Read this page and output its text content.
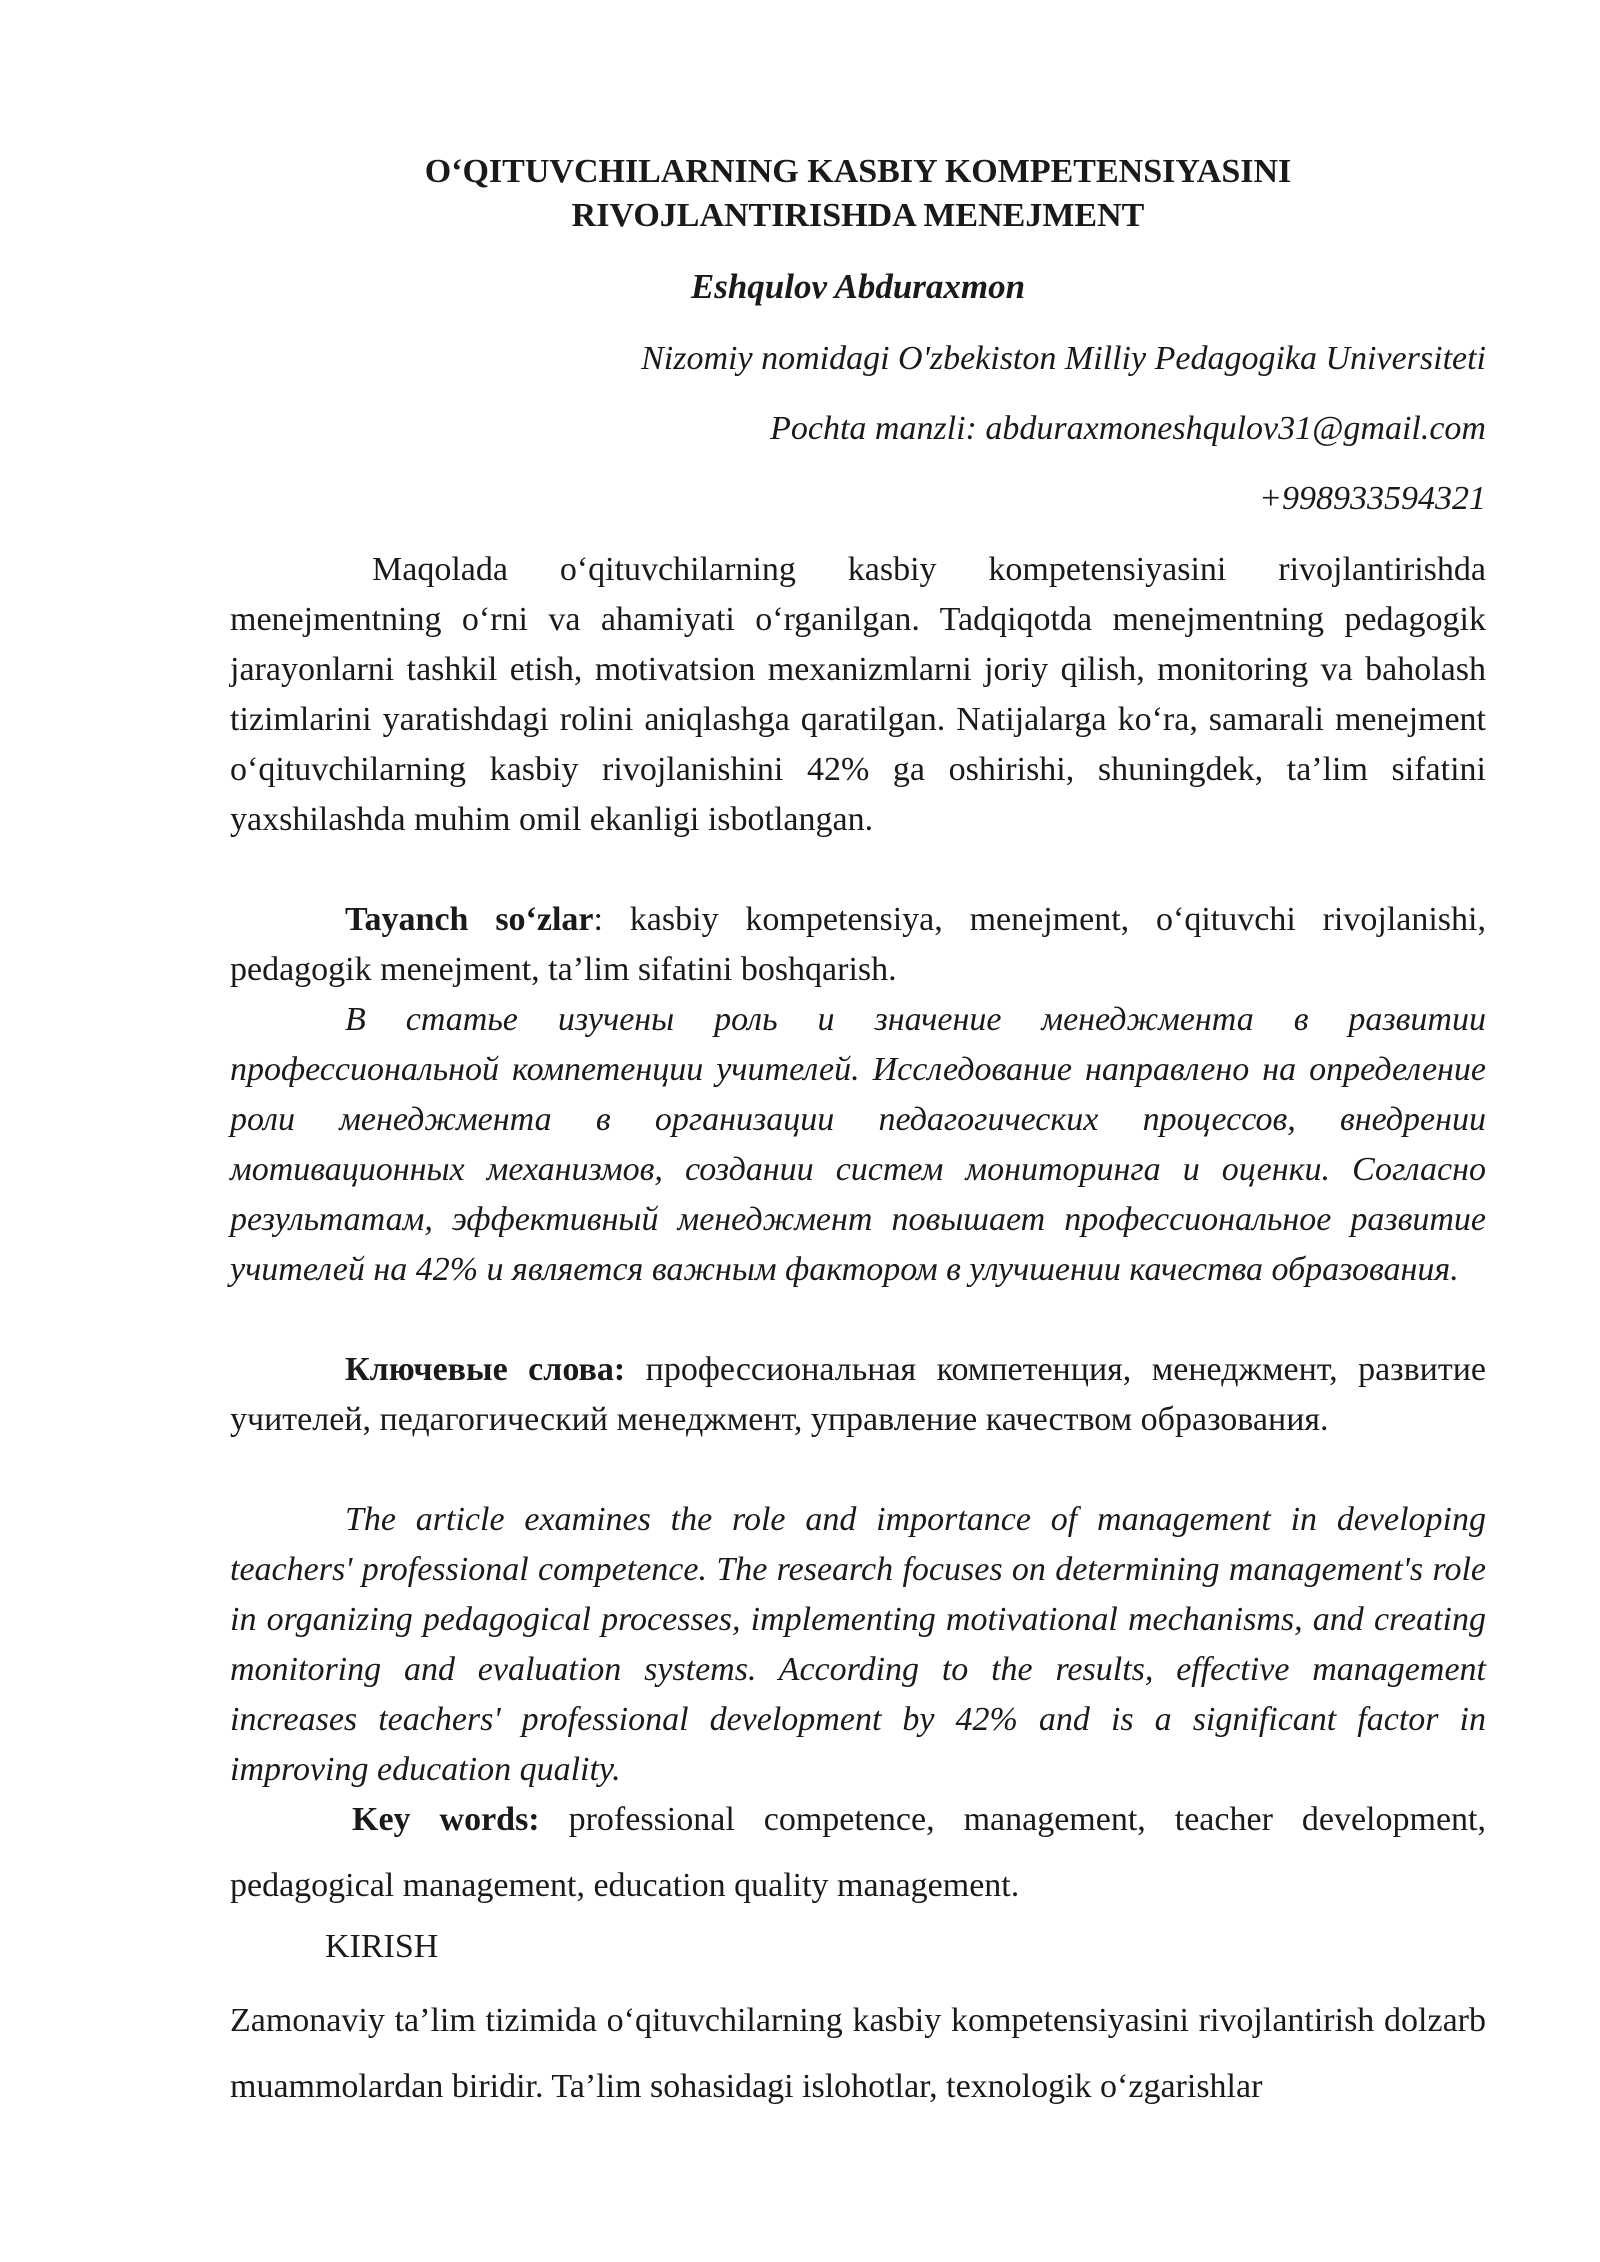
O‘QITUVCHILARNING KASBIY KOMPETENSIYASINI
RIVOJLANTIRISHDA MENEJMENT
Eshqulov Abduraxmon
Nizomiy nomidagi O'zbekiston Milliy Pedagogika Universiteti
Pochta manzli: abduraxmoneshqulov31@gmail.com
+998933594321

Maqolada o‘qituvchilarning kasbiy kompetensiyasini rivojlantirishda menejmentning o‘rni va ahamiyati o‘rganilgan. Tadqiqotda menejmentning pedagogik jarayonlarni tashkil etish, motivatsion mexanizmlarni joriy qilish, monitoring va baholash tizimlarini yaratishdagi rolini aniqlashga qaratilgan. Natijalarga ko‘ra, samarali menejment o‘qituvchilarning kasbiy rivojlanishini 42% ga oshirishi, shuningdek, ta’lim sifatini yaxshilashda muhim omil ekanligi isbotlangan.

Tayanch so‘zlar: kasbiy kompetensiya, menejment, o‘qituvchi rivojlanishi, pedagogik menejment, ta’lim sifatini boshqarish.

В статье изучены роль и значение менеджмента в развитии профессиональной компетенции учителей. Исследование направлено на определение роли менеджмента в организации педагогических процессов, внедрении мотивационных механизмов, создании систем мониторинга и оценки. Согласно результатам, эффективный менеджмент повышает профессиональное развитие учителей на 42% и является важным фактором в улучшении качества образования.

Ключевые слова: профессиональная компетенция, менеджмент, развитие учителей, педагогический менеджмент, управление качеством образования.

The article examines the role and importance of management in developing teachers' professional competence. The research focuses on determining management's role in organizing pedagogical processes, implementing motivational mechanisms, and creating monitoring and evaluation systems. According to the results, effective management increases teachers' professional development by 42% and is a significant factor in improving education quality.

Key words: professional competence, management, teacher development, pedagogical management, education quality management.

KIRISH

Zamonaviy ta’lim tizimida o‘qituvchilarning kasbiy kompetensiyasini rivojlantirish dolzarb muammolardan biridir. Ta’lim sohasidagi islohotlar, texnologik o‘zgarishlar
